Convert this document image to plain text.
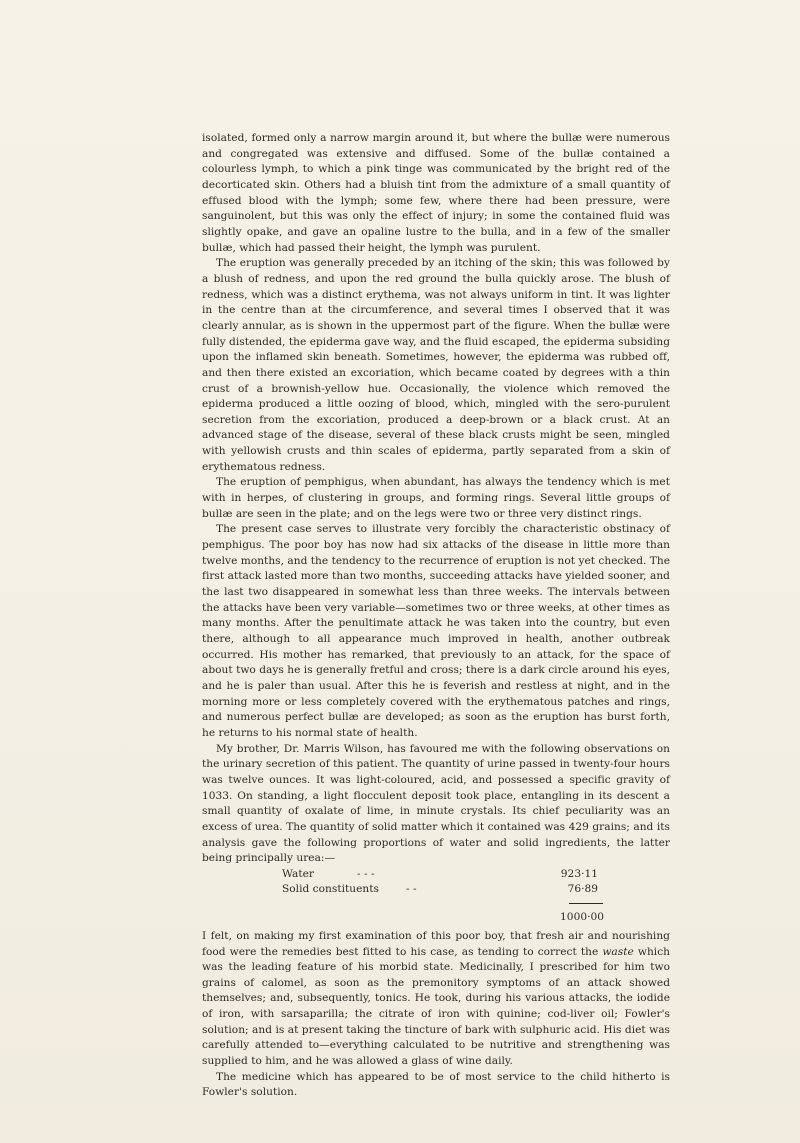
isolated, formed only a narrow margin around it, but where the bullæ were numerous and congregated was extensive and diffused. Some of the bullæ contained a colourless lymph, to which a pink tinge was communicated by the bright red of the decorticated skin. Others had a bluish tint from the admixture of a small quantity of effused blood with the lymph; some few, where there had been pressure, were sanguinolent, but this was only the effect of injury; in some the contained fluid was slightly opake, and gave an opaline lustre to the bulla, and in a few of the smaller bullæ, which had passed their height, the lymph was purulent.

The eruption was generally preceded by an itching of the skin; this was followed by a blush of redness, and upon the red ground the bulla quickly arose. The blush of redness, which was a distinct erythema, was not always uniform in tint. It was lighter in the centre than at the circumference, and several times I observed that it was clearly annular, as is shown in the uppermost part of the figure. When the bullæ were fully distended, the epiderma gave way, and the fluid escaped, the epiderma subsiding upon the inflamed skin beneath. Sometimes, however, the epiderma was rubbed off, and then there existed an excoriation, which became coated by degrees with a thin crust of a brownish-yellow hue. Occasionally, the violence which removed the epiderma produced a little oozing of blood, which, mingled with the sero-purulent secretion from the excoriation, produced a deep-brown or a black crust. At an advanced stage of the disease, several of these black crusts might be seen, mingled with yellowish crusts and thin scales of epiderma, partly separated from a skin of erythematous redness.

The eruption of pemphigus, when abundant, has always the tendency which is met with in herpes, of clustering in groups, and forming rings. Several little groups of bullæ are seen in the plate; and on the legs were two or three very distinct rings.

The present case serves to illustrate very forcibly the characteristic obstinacy of pemphigus. The poor boy has now had six attacks of the disease in little more than twelve months, and the tendency to the recurrence of eruption is not yet checked. The first attack lasted more than two months, succeeding attacks have yielded sooner, and the last two disappeared in somewhat less than three weeks. The intervals between the attacks have been very variable—sometimes two or three weeks, at other times as many months. After the penultimate attack he was taken into the country, but even there, although to all appearance much improved in health, another outbreak occurred. His mother has remarked, that previously to an attack, for the space of about two days he is generally fretful and cross; there is a dark circle around his eyes, and he is paler than usual. After this he is feverish and restless at night, and in the morning more or less completely covered with the erythematous patches and rings, and numerous perfect bullæ are developed; as soon as the eruption has burst forth, he returns to his normal state of health.

My brother, Dr. Marris Wilson, has favoured me with the following observations on the urinary secretion of this patient. The quantity of urine passed in twenty-four hours was twelve ounces. It was light-coloured, acid, and possessed a specific gravity of 1033. On standing, a light flocculent deposit took place, entangling in its descent a small quantity of oxalate of lime, in minute crystals. Its chief peculiarity was an excess of urea. The quantity of solid matter which it contained was 429 grains; and its analysis gave the following proportions of water and solid ingredients, the latter being principally urea:—

Water	- - -	923·11
Solid constituents	- -	76·89
1000·00

I felt, on making my first examination of this poor boy, that fresh air and nourishing food were the remedies best fitted to his case, as tending to correct the waste which was the leading feature of his morbid state. Medicinally, I prescribed for him two grains of calomel, as soon as the premonitory symptoms of an attack showed themselves; and, subsequently, tonics. He took, during his various attacks, the iodide of iron, with sarsaparilla; the citrate of iron with quinine; cod-liver oil; Fowler's solution; and is at present taking the tincture of bark with sulphuric acid. His diet was carefully attended to—everything calculated to be nutritive and strengthening was supplied to him, and he was allowed a glass of wine daily.

The medicine which has appeared to be of most service to the child hitherto is Fowler's solution.
